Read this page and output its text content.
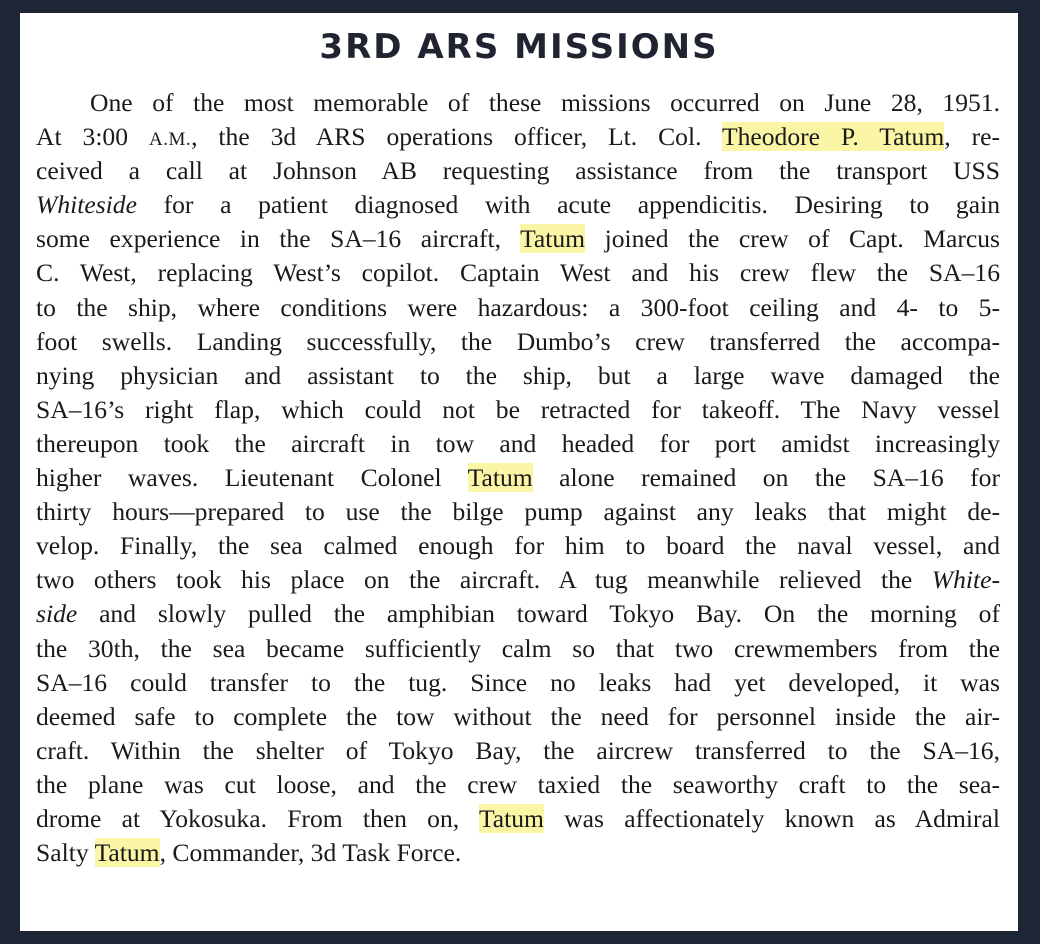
3RD ARS MISSIONS
One of the most memorable of these missions occurred on June 28, 1951.
At 3:00 A.M., the 3d ARS operations officer, Lt. Col. Theodore P. Tatum, re-
ceived a call at Johnson AB requesting assistance from the transport USS
Whiteside for a patient diagnosed with acute appendicitis. Desiring to gain
some experience in the SA–16 aircraft, Tatum joined the crew of Capt. Marcus
C. West, replacing West’s copilot. Captain West and his crew flew the SA–16
to the ship, where conditions were hazardous: a 300-foot ceiling and 4- to 5-
foot swells. Landing successfully, the Dumbo’s crew transferred the accompa-
nying physician and assistant to the ship, but a large wave damaged the
SA–16’s right flap, which could not be retracted for takeoff. The Navy vessel
thereupon took the aircraft in tow and headed for port amidst increasingly
higher waves. Lieutenant Colonel Tatum alone remained on the SA–16 for
thirty hours—prepared to use the bilge pump against any leaks that might de-
velop. Finally, the sea calmed enough for him to board the naval vessel, and
two others took his place on the aircraft. A tug meanwhile relieved the White-
side and slowly pulled the amphibian toward Tokyo Bay. On the morning of
the 30th, the sea became sufficiently calm so that two crewmembers from the
SA–16 could transfer to the tug. Since no leaks had yet developed, it was
deemed safe to complete the tow without the need for personnel inside the air-
craft. Within the shelter of Tokyo Bay, the aircrew transferred to the SA–16,
the plane was cut loose, and the crew taxied the seaworthy craft to the sea-
drome at Yokosuka. From then on, Tatum was affectionately known as Admiral
Salty Tatum, Commander, 3d Task Force.
